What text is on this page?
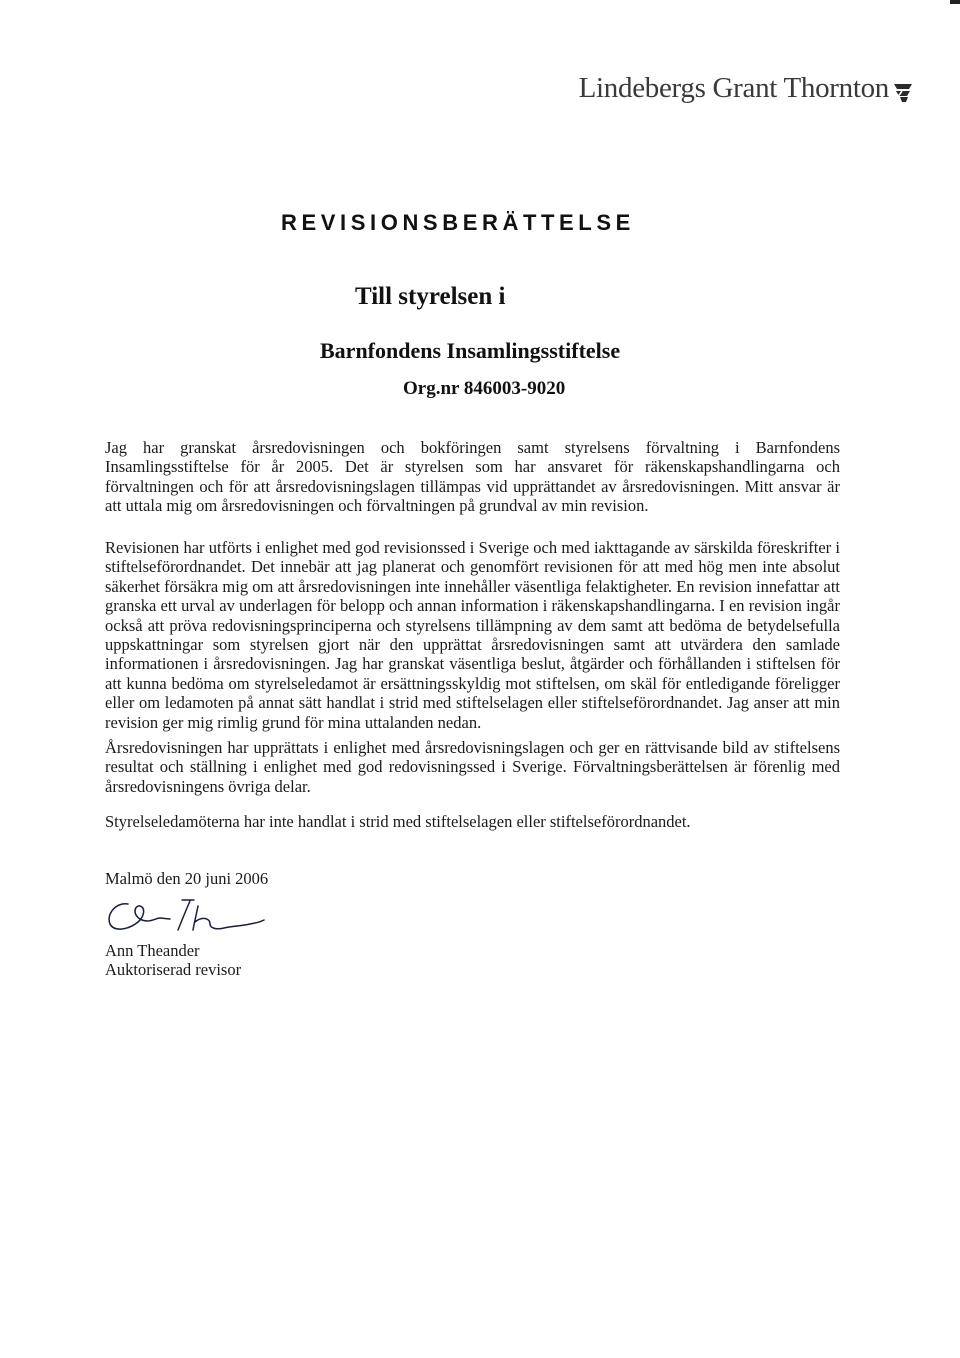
Lindebergs Grant Thornton
REVISIONSBERÄTTELSE
Till styrelsen i
Barnfondens Insamlingsstiftelse
Org.nr 846003-9020

Jag har granskat årsredovisningen och bokföringen samt styrelsens förvaltning i Barnfondens Insamlingsstiftelse för år 2005. Det är styrelsen som har ansvaret för räkenskapshandlingarna och förvaltningen och för att årsredovisningslagen tillämpas vid upprättandet av årsredovisningen. Mitt ansvar är att uttala mig om årsredovisningen och förvaltningen på grundval av min revision.

Revisionen har utförts i enlighet med god revisionssed i Sverige och med iakttagande av särskilda föreskrifter i stiftelseförordnandet. Det innebär att jag planerat och genomfört revisionen för att med hög men inte absolut säkerhet försäkra mig om att årsredovisningen inte innehåller väsentliga felaktigheter. En revision innefattar att granska ett urval av underlagen för belopp och annan information i räkenskapshandlingarna. I en revision ingår också att pröva redovisningsprinciperna och styrelsens tillämpning av dem samt att bedöma de betydelsefulla uppskattningar som styrelsen gjort när den upprättat årsredovisningen samt att utvärdera den samlade informationen i årsredovisningen. Jag har granskat väsentliga beslut, åtgärder och förhållanden i stiftelsen för att kunna bedöma om styrelseledamot är ersättningsskyldig mot stiftelsen, om skäl för entledigande föreligger eller om ledamoten på annat sätt handlat i strid med stiftelselagen eller stiftelseförordnandet. Jag anser att min revision ger mig rimlig grund för mina uttalanden nedan.

Årsredovisningen har upprättats i enlighet med årsredovisningslagen och ger en rättvisande bild av stiftelsens resultat och ställning i enlighet med god redovisningssed i Sverige. Förvaltningsberättelsen är förenlig med årsredovisningens övriga delar.

Styrelseledamöterna har inte handlat i strid med stiftelselagen eller stiftelseförordnandet.

Malmö den 20 juni 2006
Ann Theander
Auktoriserad revisor
